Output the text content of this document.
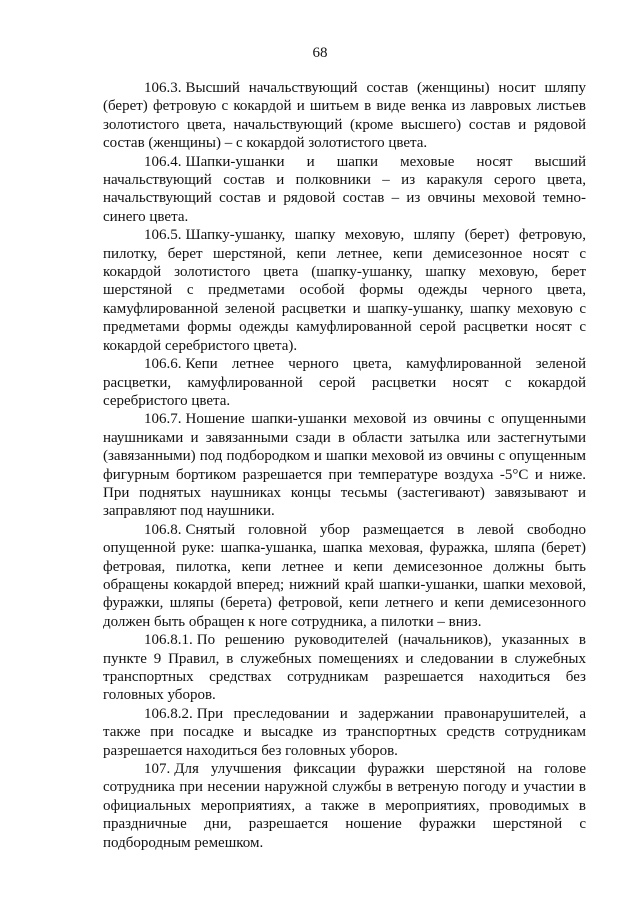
68

106.3. Высший начальствующий состав (женщины) носит шляпу (берет) фетровую с кокардой и шитьем в виде венка из лавровых листьев золотистого цвета, начальствующий (кроме высшего) состав и рядовой состав (женщины) – с кокардой золотистого цвета.

106.4. Шапки-ушанки и шапки меховые носят высший начальствующий состав и полковники – из каракуля серого цвета, начальствующий состав и рядовой состав – из овчины меховой темно-синего цвета.

106.5. Шапку-ушанку, шапку меховую, шляпу (берет) фетровую, пилотку, берет шерстяной, кепи летнее, кепи демисезонное носят с кокардой золотистого цвета (шапку-ушанку, шапку меховую, берет шерстяной с предметами особой формы одежды черного цвета, камуфлированной зеленой расцветки и шапку-ушанку, шапку меховую с предметами формы одежды камуфлированной серой расцветки носят с кокардой серебристого цвета).

106.6. Кепи летнее черного цвета, камуфлированной зеленой расцветки, камуфлированной серой расцветки носят с кокардой серебристого цвета.

106.7. Ношение шапки-ушанки меховой из овчины с опущенными наушниками и завязанными сзади в области затылка или застегнутыми (завязанными) под подбородком и шапки меховой из овчины с опущенным фигурным бортиком разрешается при температуре воздуха -5°C и ниже. При поднятых наушниках концы тесьмы (застегивают) завязывают и заправляют под наушники.

106.8. Снятый головной убор размещается в левой свободно опущенной руке: шапка-ушанка, шапка меховая, фуражка, шляпа (берет) фетровая, пилотка, кепи летнее и кепи демисезонное должны быть обращены кокардой вперед; нижний край шапки-ушанки, шапки меховой, фуражки, шляпы (берета) фетровой, кепи летнего и кепи демисезонного должен быть обращен к ноге сотрудника, а пилотки – вниз.

106.8.1. По решению руководителей (начальников), указанных в пункте 9 Правил, в служебных помещениях и следовании в служебных транспортных средствах сотрудникам разрешается находиться без головных уборов.

106.8.2. При преследовании и задержании правонарушителей, а также при посадке и высадке из транспортных средств сотрудникам разрешается находиться без головных уборов.

107. Для улучшения фиксации фуражки шерстяной на голове сотрудника при несении наружной службы в ветреную погоду и участии в официальных мероприятиях, а также в мероприятиях, проводимых в праздничные дни, разрешается ношение фуражки шерстяной с подбородным ремешком.
